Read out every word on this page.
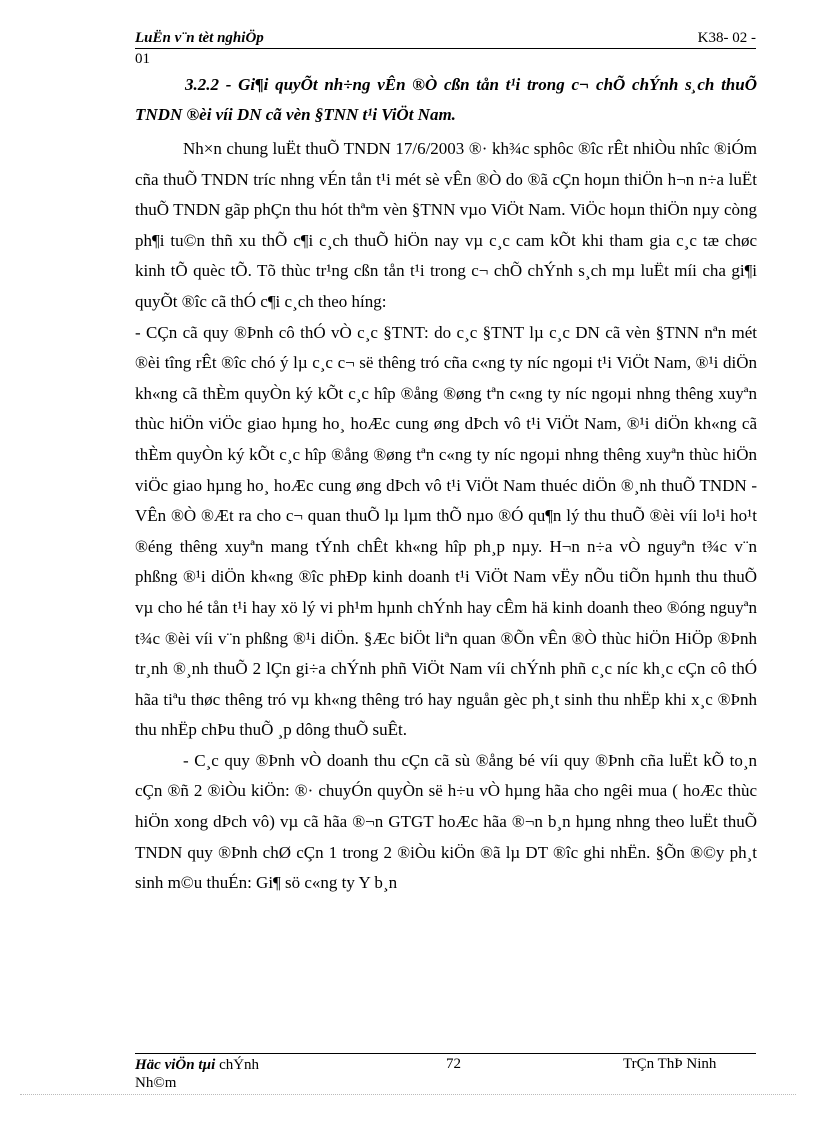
LuËn v¨n tèt nghiÖp	K38- 02 -
01

3.2.2 - Gi¶i quyÕt nh÷ng vÊn ®Ò cßn tån t¹i trong c¬ chÕ chÝnh s¸ch thuÕ TNDN ®èi víi DN cã vèn §TNN t¹i ViÖt Nam.

Nh×n chung luËt thuÕ TNDN 17/6/2003 ®· kh¾c sphôc ®îc rÊt nhiÒu nhîc ®iÓm cña thuÕ TNDN tríc nhng vÉn tån t¹i mét sè vÊn ®Ò do ®ã cÇn hoµn thiÖn h¬n n÷a luËt thuÕ TNDN gãp phÇn thu hót thªm vèn §TNN vµo ViÖt Nam. ViÖc hoµn thiÖn nµy còng ph¶i tu©n thñ xu thÕ c¶i c¸ch thuÕ hiÖn nay vµ c¸c cam kÕt khi tham gia c¸c tæ chøc kinh tÕ quèc tÕ. Tõ thùc tr¹ng cßn tån t¹i trong c¬ chÕ chÝnh s¸ch mµ luËt míi cha gi¶i quyÕt ®îc cã thÓ c¶i c¸ch theo híng:

- CÇn cã quy ®Þnh cô thÓ vÒ c¸c §TNT: do c¸c §TNT lµ c¸c DN cã vèn §TNN nªn mét ®èi tîng rÊt ®îc chó ý lµ c¸c c¬ së thêng tró cña c«ng ty níc ngoµi t¹i ViÖt Nam, ®¹i diÖn kh«ng cã thÈm quyÒn ký kÕt c¸c hîp ®ång ®øng tªn c«ng ty níc ngoµi nhng thêng xuyªn thùc hiÖn viÖc giao hµng ho¸ hoÆc cung øng dÞch vô t¹i ViÖt Nam, ®¹i diÖn kh«ng cã thÈm quyÒn ký kÕt c¸c hîp ®ång ®øng tªn c«ng ty níc ngoµi nhng thêng xuyªn thùc hiÖn viÖc giao hµng ho¸ hoÆc cung øng dÞch vô t¹i ViÖt Nam thuéc diÖn ®¸nh thuÕ TNDN - VÊn ®Ò ®Æt ra cho c¬ quan thuÕ lµ lµm thÕ nµo ®Ó qu¶n lý thu thuÕ ®èi víi lo¹i ho¹t ®éng thêng xuyªn mang tÝnh chÊt kh«ng hîp ph¸p nµy. H¬n n÷a vÒ nguyªn t¾c v¨n phßng ®¹i diÖn kh«ng ®îc phÐp kinh doanh t¹i ViÖt Nam vËy nÕu tiÕn hµnh thu thuÕ vµ cho hé tån t¹i hay xö lý vi ph¹m hµnh chÝnh hay cÊm hä kinh doanh theo ®óng nguyªn t¾c ®èi víi v¨n phßng ®¹i diÖn. §Æc biÖt liªn quan ®Õn vÊn ®Ò thùc hiÖn HiÖp ®Þnh tr¸nh ®¸nh thuÕ 2 lÇn gi÷a chÝnh phñ ViÖt Nam víi chÝnh phñ c¸c níc kh¸c cÇn cô thÓ hãa tiªu thøc thêng tró vµ kh«ng thêng tró hay nguån gèc ph¸t sinh thu nhËp khi x¸c ®Þnh thu nhËp chÞu thuÕ ¸p dông thuÕ suÊt.

- C¸c quy ®Þnh vÒ doanh thu cÇn cã sù ®ång bé víi quy ®Þnh cña luËt kÕ to¸n cÇn ®ñ 2 ®iÒu kiÖn: ®· chuyÓn quyÒn së h÷u vÒ hµng hãa cho ngêi mua ( hoÆc thùc hiÖn xong dÞch vô) vµ cã hãa ®¬n GTGT hoÆc hãa ®¬n b¸n hµng nhng theo luËt thuÕ TNDN quy ®Þnh chØ cÇn 1 trong 2 ®iÒu kiÖn ®ã lµ DT ®îc ghi nhËn. §Õn ®©y ph¸t sinh m©u thuÉn: Gi¶ sö c«ng ty Y b¸n

Häc viÖn tµi chÝnh
Nh©m
72	TrÇn ThÞ Ninh
